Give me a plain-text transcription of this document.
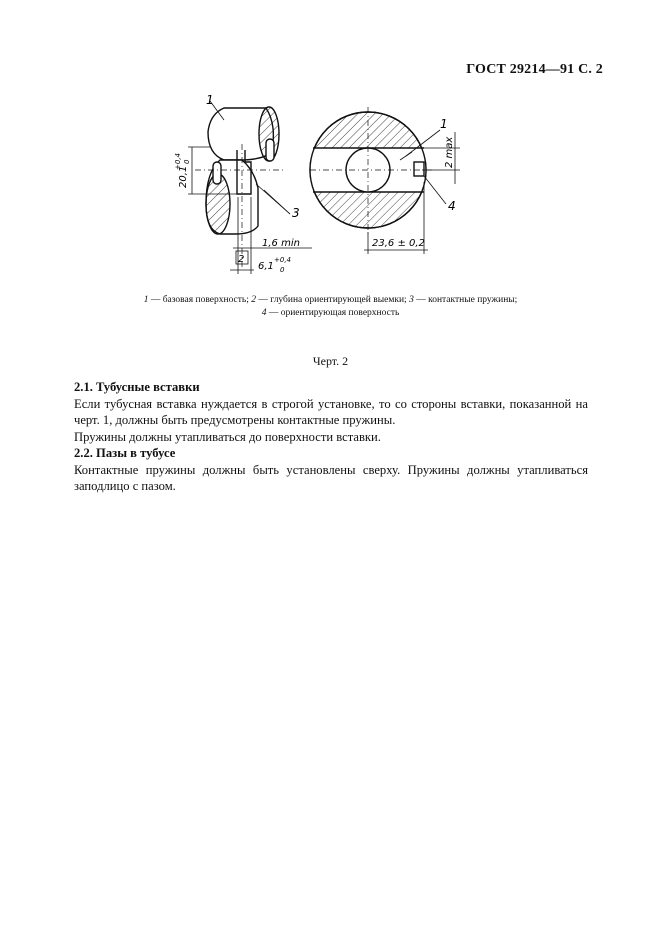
ГОСТ 29214—91 С. 2
1
3
2
1,6 min
20,1
+0,4 0
6,1
+0,4
0
1
4
2 max
23,6 ± 0,2
1 — базовая поверхность; 2 — глубина ориентирующей выемки; 3 — контактные пружины;
4 — ориентирующая поверхность
Черт. 2

2.1. Тубусные вставки

Если тубусная вставка нуждается в строгой установке, то со стороны вставки, показанной на черт. 1, должны быть предусмотрены контактные пружины.

Пружины должны утапливаться до поверхности вставки.

2.2. Пазы в тубусе

Контактные пружины должны быть установлены сверху. Пружины должны утапливаться заподлицо с пазом.
